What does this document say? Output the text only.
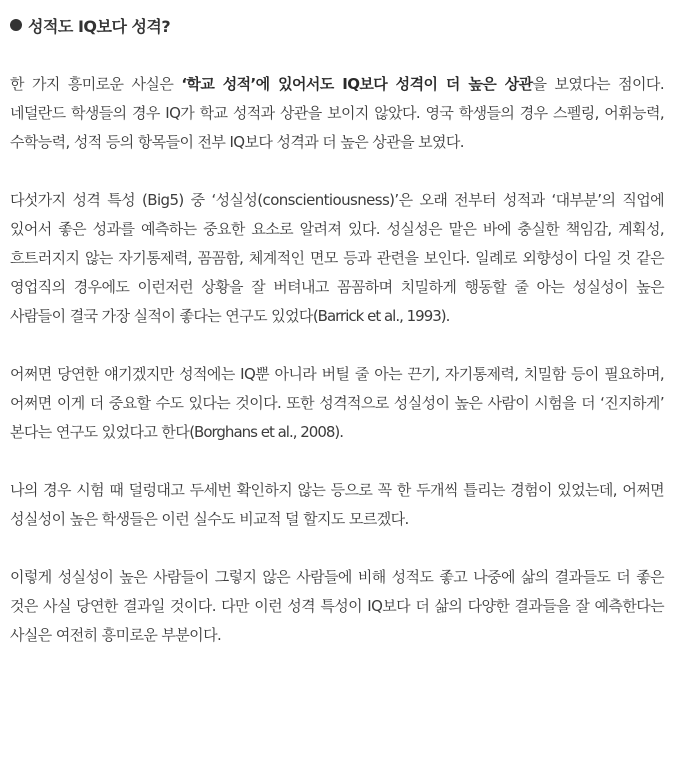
성적도 IQ보다 성격?

한 가지 흥미로운 사실은 ‘학교 성적’에 있어서도 IQ보다 성격이 더 높은 상관을 보였다는 점이다. 네덜란드 학생들의 경우 IQ가 학교 성적과 상관을 보이지 않았다. 영국 학생들의 경우 스펠링, 어휘능력, 수학능력, 성적 등의 항목들이 전부 IQ보다 성격과 더 높은 상관을 보였다.

다섯가지 성격 특성 (Big5) 중 ‘성실성(conscientiousness)’은 오래 전부터 성적과 ‘대부분’의 직업에 있어서 좋은 성과를 예측하는 중요한 요소로 알려져 있다. 성실성은 맡은 바에 충실한 책임감, 계획성, 흐트러지지 않는 자기통제력, 꼼꼼함, 체계적인 면모 등과 관련을 보인다. 일례로 외향성이 다일 것 같은 영업직의 경우에도 이런저런 상황을 잘 버텨내고 꼼꼼하며 치밀하게 행동할 줄 아는 성실성이 높은 사람들이 결국 가장 실적이 좋다는 연구도 있었다(Barrick et al., 1993).

어쩌면 당연한 얘기겠지만 성적에는 IQ뿐 아니라 버틸 줄 아는 끈기, 자기통제력, 치밀함 등이 필요하며, 어쩌면 이게 더 중요할 수도 있다는 것이다. 또한 성격적으로 성실성이 높은 사람이 시험을 더 ‘진지하게’ 본다는 연구도 있었다고 한다(Borghans et al., 2008).

나의 경우 시험 때 덜렁대고 두세번 확인하지 않는 등으로 꼭 한 두개씩 틀리는 경험이 있었는데, 어쩌면 성실성이 높은 학생들은 이런 실수도 비교적 덜 할지도 모르겠다.

이렇게 성실성이 높은 사람들이 그렇지 않은 사람들에 비해 성적도 좋고 나중에 삶의 결과들도 더 좋은 것은 사실 당연한 결과일 것이다. 다만 이런 성격 특성이 IQ보다 더 삶의 다양한 결과들을 잘 예측한다는 사실은 여전히 흥미로운 부분이다.
